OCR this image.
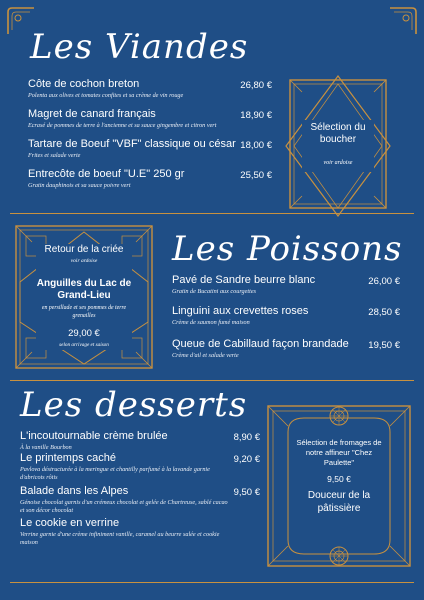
Les Viandes
Côte de cochon breton
Polenta aux olives et tomates confites et sa crème de vin rouge
26,80 €
Magret de canard français
Ecrasé de pommes de terre à l'ancienne et sa sauce gingembre et citron vert
18,90 €
Tartare de Boeuf "VBF" classique ou césar
Frites et salade verte
18,00 €
Entrecôte de boeuf "U.E" 250 gr
Gratin dauphinois et sa sauce poivre vert
25,50 €
Sélection du boucher
voir ardoise
Retour de la criée
voir ardoise
Anguilles du Lac de Grand-Lieu
en persillade et ses pommes de terre grenailles
29,00 €
selon arrivage et saison
Les Poissons
Pavé de Sandre beurre blanc
Gratin de Bucatini aux courgettes
26,00 €
Linguini aux crevettes roses
Crème de saumon fumé maison
28,50 €
Queue de Cabillaud façon brandade
Crème d'ail et salade verte
19,50 €
Les desserts
L'incoutournable crème brulée
À la vanille Bourbon
8,90 €
Le printemps caché
Pavlova déstructurée à la meringue et chantilly parfumé à la lavande garnie d'abricots rôtis
9,20 €
Balade dans les Alpes
Génoise chocolat garnis d'un crémeux chocolat et gelée de Chartreuse, sablé cacao et son décor chocolat
9,50 €
Le cookie en verrine
Verrine garnie d'une crème infiniment vanille, caramel au beurre salée et cookie maison
Sélection de fromages de notre affineur "Chez Paulette"
9,50 €
Douceur de la pâtissière
